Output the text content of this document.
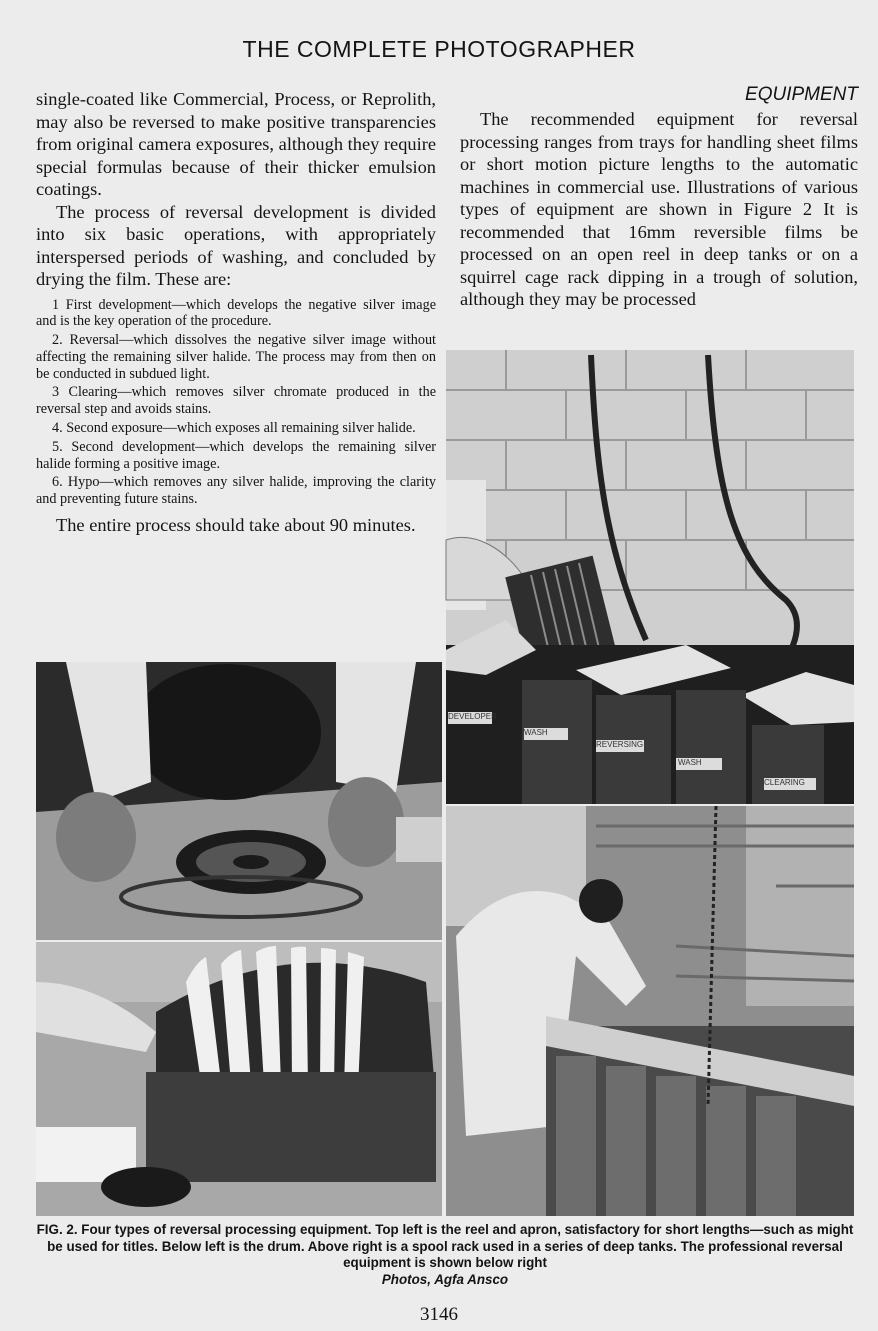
THE COMPLETE PHOTOGRAPHER

single-coated like Commercial, Process, or Reprolith, may also be reversed to make positive transparencies from original camera exposures, although they require special formulas because of their thicker emulsion coatings.

The process of reversal development is divided into six basic operations, with appropriately interspersed periods of washing, and concluded by drying the film. These are:

1 First development—which develops the negative silver image and is the key operation of the procedure.
2. Reversal—which dissolves the negative silver image without affecting the remaining silver halide. The process may from then on be conducted in subdued light.
3 Clearing—which removes silver chromate produced in the reversal step and avoids stains.
4. Second exposure—which exposes all remaining silver halide.
5. Second development—which develops the remaining silver halide forming a positive image.
6. Hypo—which removes any silver halide, improving the clarity and preventing future stains.

The entire process should take about 90 minutes.

EQUIPMENT

The recommended equipment for reversal processing ranges from trays for handling sheet films or short motion picture lengths to the automatic machines in commercial use. Illustrations of various types of equipment are shown in Figure 2 It is recommended that 16mm reversible films be processed on an open reel in deep tanks or on a squirrel cage rack dipping in a trough of solution, although they may be processed

DEVELOPER
WASH
REVERSING
WASH
CLEARING
FIG. 2. Four types of reversal processing equipment. Top left is the reel and apron, satisfactory for short lengths—such as might be used for titles. Below left is the drum. Above right is a spool rack used in a series of deep tanks. The professional reversal equipment is shown below right
Photos, Agfa Ansco
3146
